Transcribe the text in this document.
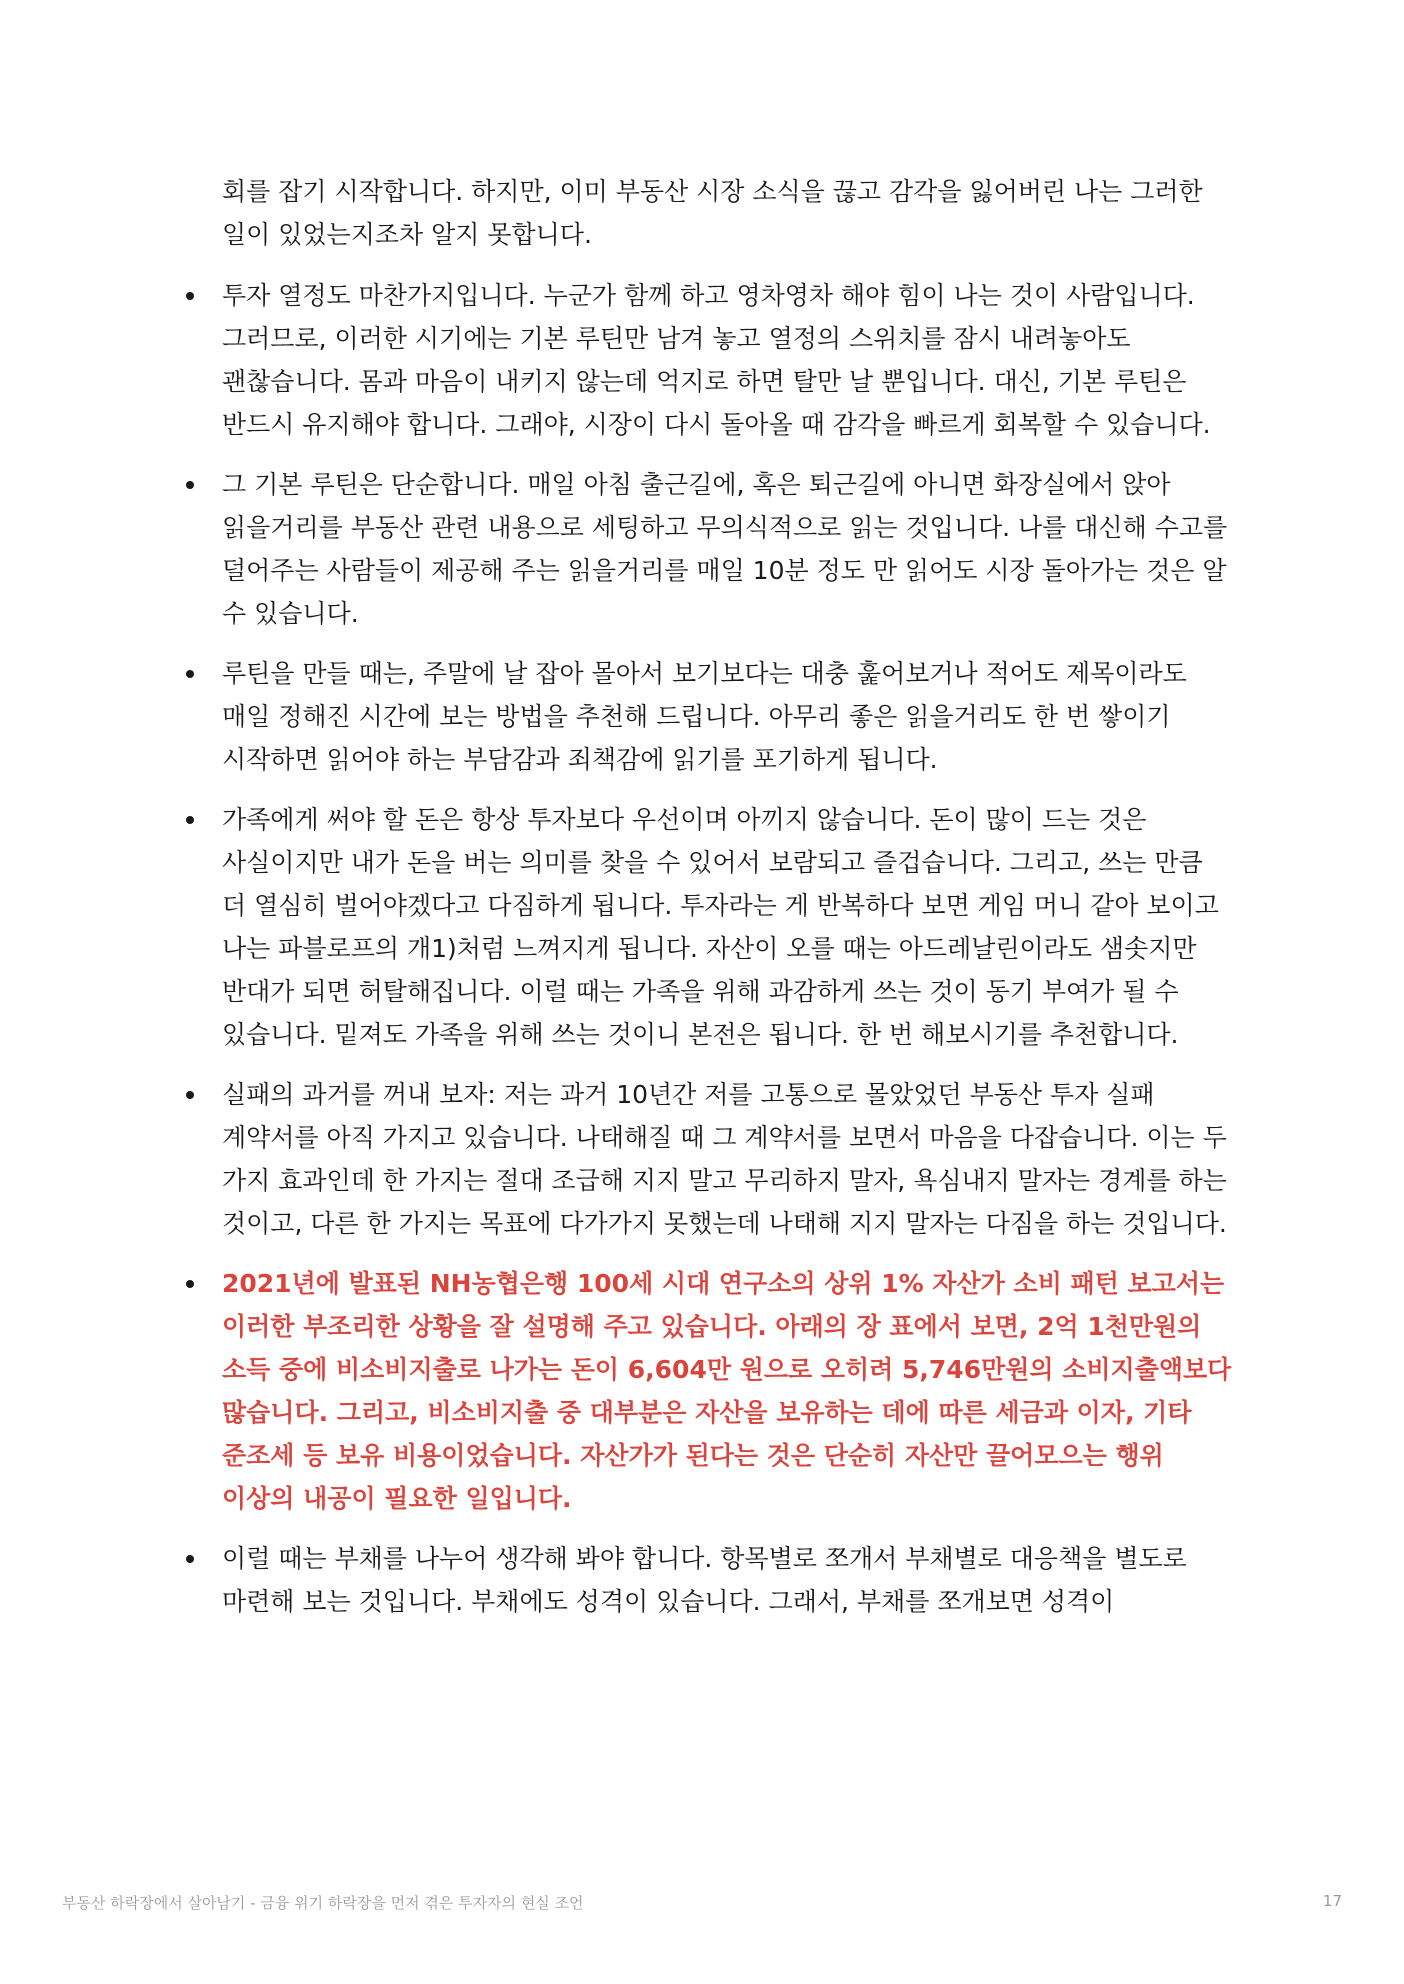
회를 잡기 시작합니다. 하지만, 이미 부동산 시장 소식을 끊고 감각을 잃어버린 나는 그러한 일이 있었는지조차 알지 못합니다.

투자 열정도 마찬가지입니다. 누군가 함께 하고 영차영차 해야 힘이 나는 것이 사람입니다. 그러므로, 이러한 시기에는 기본 루틴만 남겨 놓고 열정의 스위치를 잠시 내려놓아도 괜찮습니다. 몸과 마음이 내키지 않는데 억지로 하면 탈만 날 뿐입니다. 대신, 기본 루틴은 반드시 유지해야 합니다. 그래야, 시장이 다시 돌아올 때 감각을 빠르게 회복할 수 있습니다.
그 기본 루틴은 단순합니다. 매일 아침 출근길에, 혹은 퇴근길에 아니면 화장실에서 앉아 읽을거리를 부동산 관련 내용으로 세팅하고 무의식적으로 읽는 것입니다. 나를 대신해 수고를 덜어주는 사람들이 제공해 주는 읽을거리를 매일 10분 정도 만 읽어도 시장 돌아가는 것은 알 수 있습니다.
루틴을 만들 때는, 주말에 날 잡아 몰아서 보기보다는 대충 훑어보거나 적어도 제목이라도 매일 정해진 시간에 보는 방법을 추천해 드립니다. 아무리 좋은 읽을거리도 한 번 쌓이기 시작하면 읽어야 하는 부담감과 죄책감에 읽기를 포기하게 됩니다.
가족에게 써야 할 돈은 항상 투자보다 우선이며 아끼지 않습니다. 돈이 많이 드는 것은 사실이지만 내가 돈을 버는 의미를 찾을 수 있어서 보람되고 즐겁습니다. 그리고, 쓰는 만큼 더 열심히 벌어야겠다고 다짐하게 됩니다. 투자라는 게 반복하다 보면 게임 머니 같아 보이고 나는 파블로프의 개1)처럼 느껴지게 됩니다. 자산이 오를 때는 아드레날린이라도 샘솟지만 반대가 되면 허탈해집니다. 이럴 때는 가족을 위해 과감하게 쓰는 것이 동기 부여가 될 수 있습니다. 밑져도 가족을 위해 쓰는 것이니 본전은 됩니다. 한 번 해보시기를 추천합니다.
실패의 과거를 꺼내 보자: 저는 과거 10년간 저를 고통으로 몰았었던 부동산 투자 실패 계약서를 아직 가지고 있습니다. 나태해질 때 그 계약서를 보면서 마음을 다잡습니다. 이는 두 가지 효과인데 한 가지는 절대 조급해 지지 말고 무리하지 말자, 욕심내지 말자는 경계를 하는 것이고, 다른 한 가지는 목표에 다가가지 못했는데 나태해 지지 말자는 다짐을 하는 것입니다.
2021년에 발표된 NH농협은행 100세 시대 연구소의 상위 1% 자산가 소비 패턴 보고서는 이러한 부조리한 상황을 잘 설명해 주고 있습니다. 아래의 장 표에서 보면, 2억 1천만원의 소득 중에 비소비지출로 나가는 돈이 6,604만 원으로 오히려 5,746만원의 소비지출액보다 많습니다. 그리고, 비소비지출 중 대부분은 자산을 보유하는 데에 따른 세금과 이자, 기타 준조세 등 보유 비용이었습니다. 자산가가 된다는 것은 단순히 자산만 끌어모으는 행위 이상의 내공이 필요한 일입니다.
이럴 때는 부채를 나누어 생각해 봐야 합니다. 항목별로 쪼개서 부채별로 대응책을 별도로 마련해 보는 것입니다. 부채에도 성격이 있습니다. 그래서, 부채를 쪼개보면 성격이
부동산 하락장에서 살아남기 - 금융 위기 하락장을 먼저 겪은 투자자의 현실 조언	17
